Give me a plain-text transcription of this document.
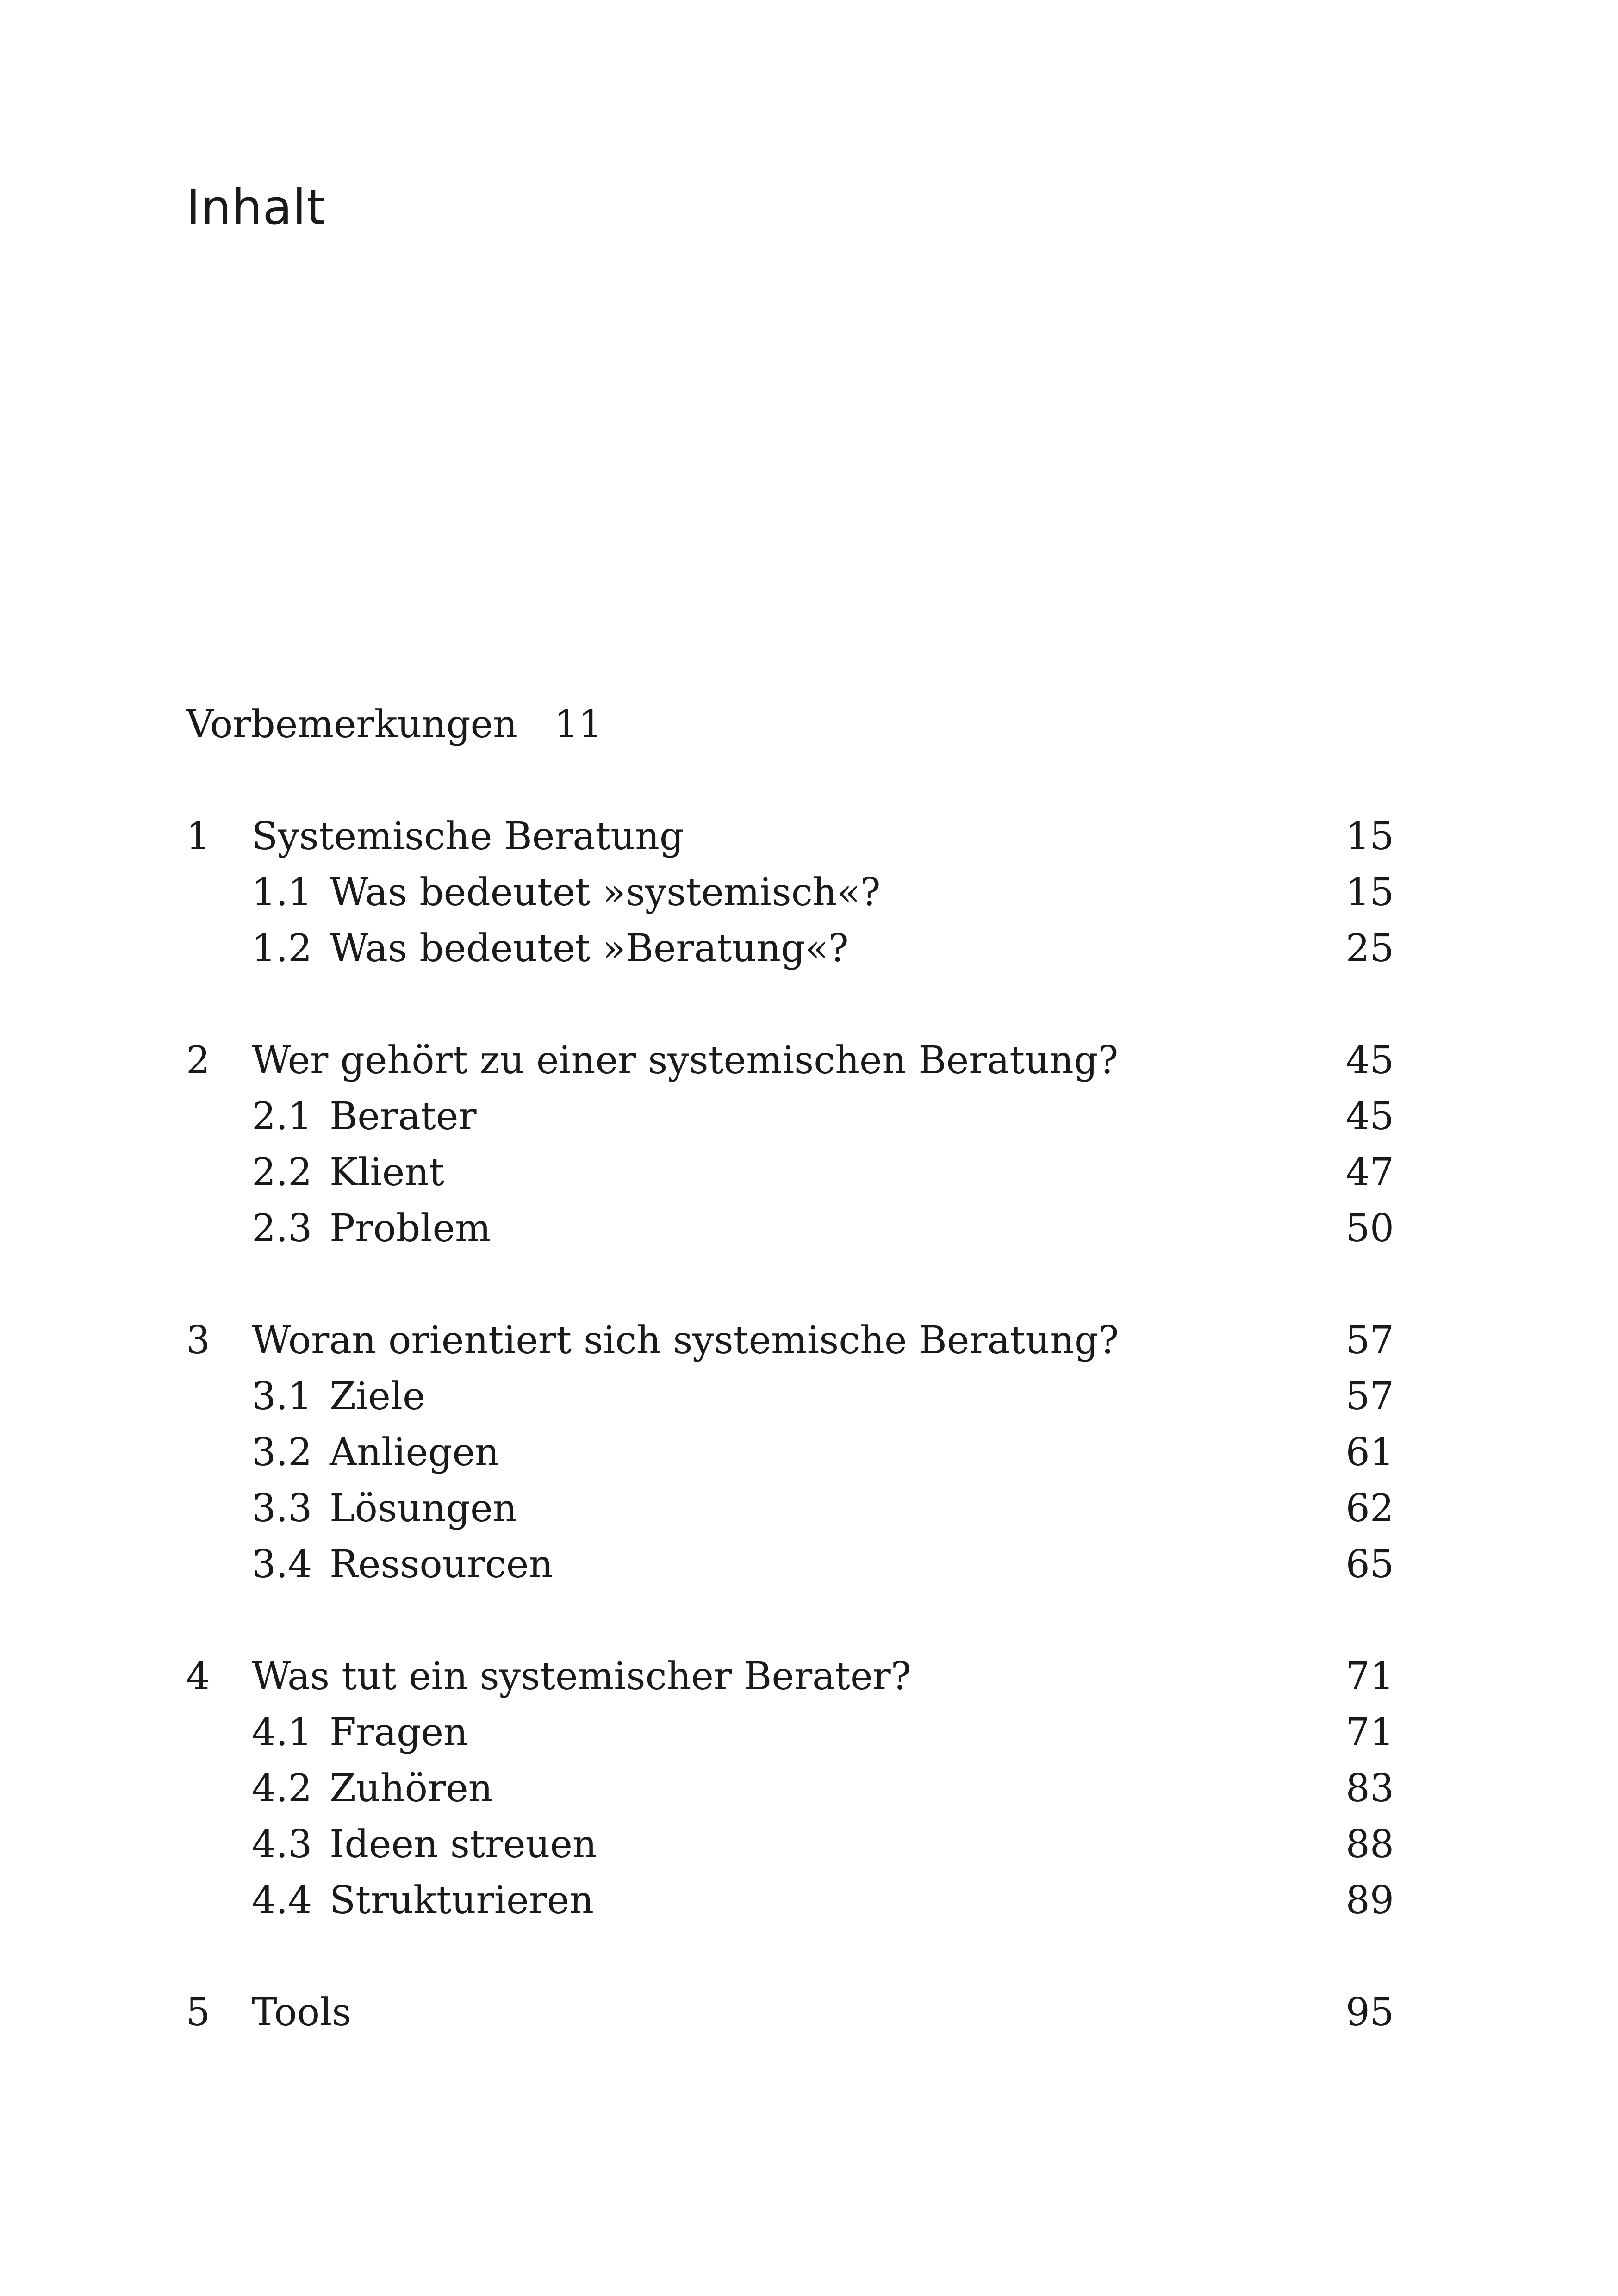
Inhalt
Vorbemerkungen 11
1	Systemische Beratung	15
1.1 Was bedeutet »systemisch«?	15
1.2 Was bedeutet »Beratung«?	25
2	Wer gehört zu einer systemischen Beratung?	45
2.1 Berater	45
2.2 Klient	47
2.3 Problem	50
3	Woran orientiert sich systemische Beratung?	57
3.1 Ziele	57
3.2 Anliegen	61
3.3 Lösungen	62
3.4 Ressourcen	65
4	Was tut ein systemischer Berater?	71
4.1 Fragen	71
4.2 Zuhören	83
4.3 Ideen streuen	88
4.4 Strukturieren	89
5	Tools	95
